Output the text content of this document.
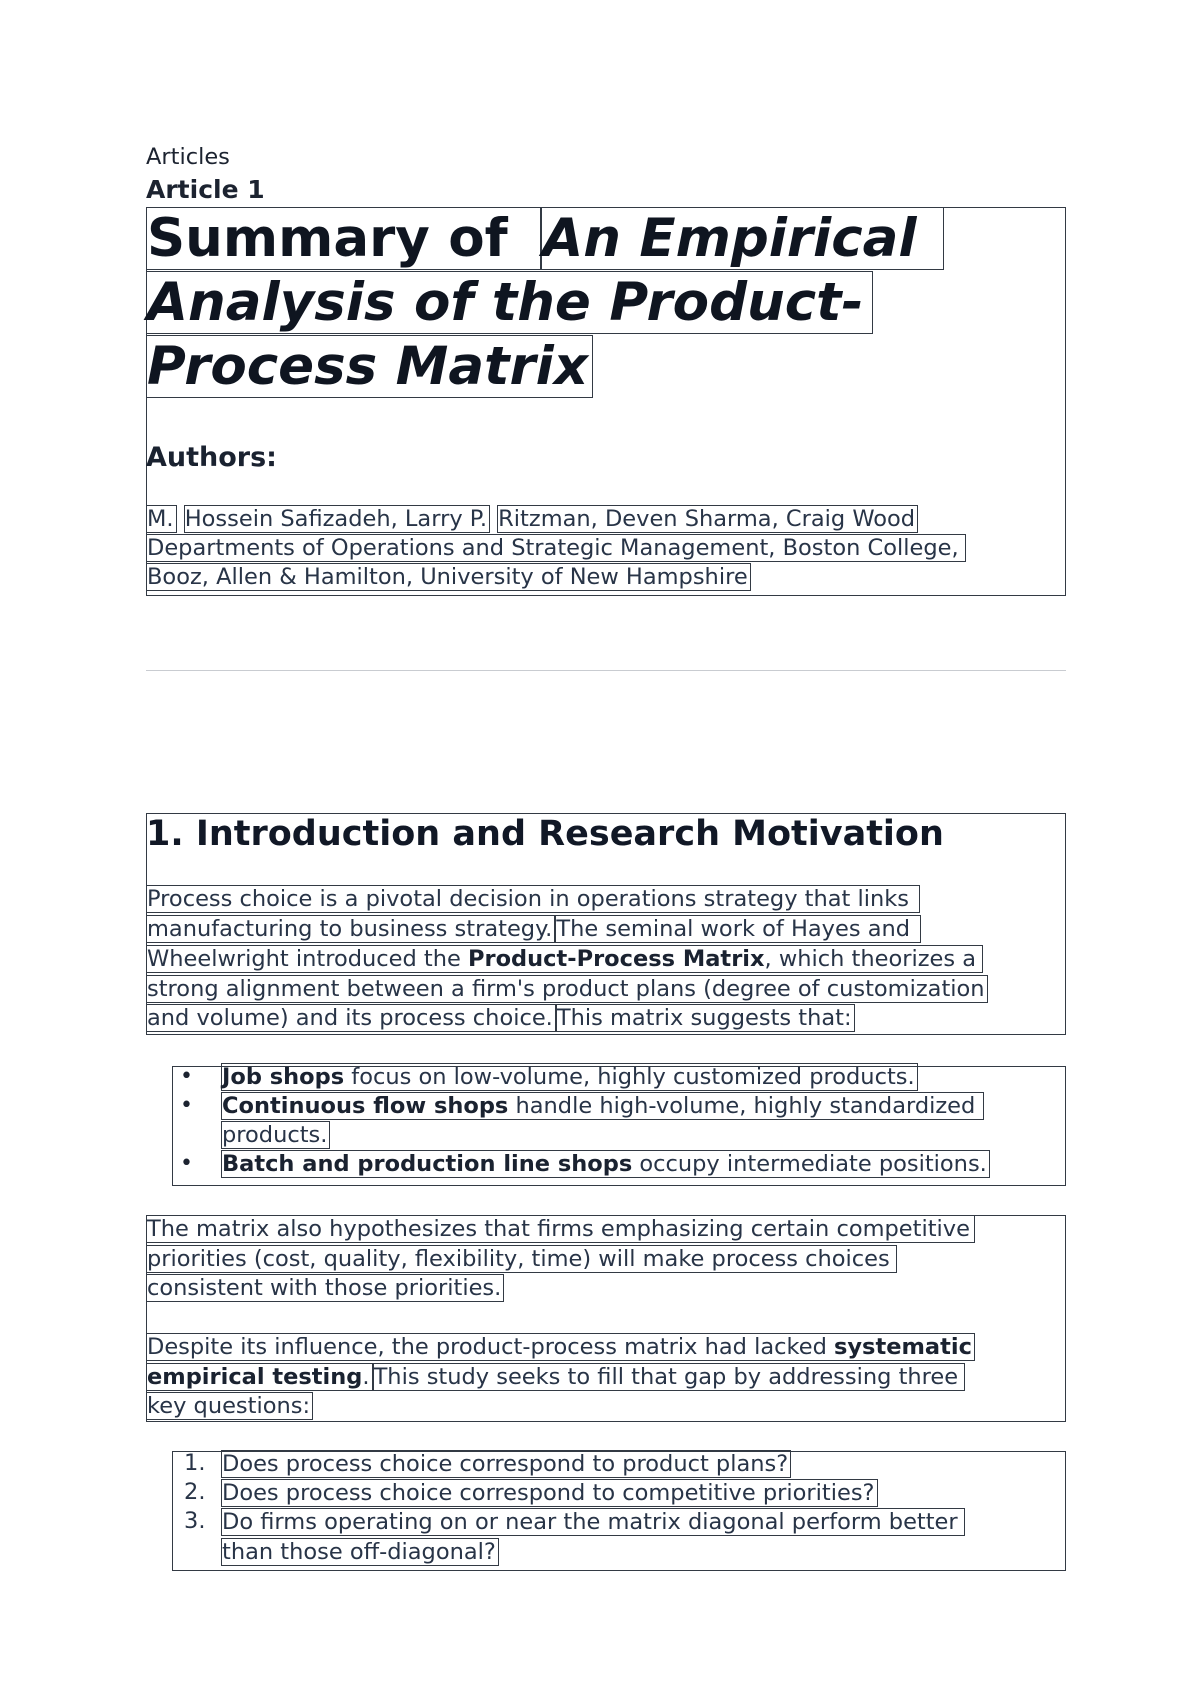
Articles
Article 1
Summary of An Empirical
Analysis of the Product-
Process Matrix
Authors:
M. Hossein Safizadeh, Larry P. Ritzman, Deven Sharma, Craig Wood
Departments of Operations and Strategic Management, Boston College,
Booz, Allen & Hamilton, University of New Hampshire
1. Introduction and Research Motivation
Process choice is a pivotal decision in operations strategy that links
manufacturing to business strategy. The seminal work of Hayes and
Wheelwright introduced the Product-Process Matrix, which theorizes a
strong alignment between a firm's product plans (degree of customization
and volume) and its process choice. This matrix suggests that:
• Job shops focus on low-volume, highly customized products.
• Continuous flow shops handle high-volume, highly standardized
products.
• Batch and production line shops occupy intermediate positions.
The matrix also hypothesizes that firms emphasizing certain competitive
priorities (cost, quality, flexibility, time) will make process choices
consistent with those priorities.
Despite its influence, the product-process matrix had lacked systematic
empirical testing. This study seeks to fill that gap by addressing three
key questions:
1. Does process choice correspond to product plans?
2. Does process choice correspond to competitive priorities?
3. Do firms operating on or near the matrix diagonal perform better
than those off-diagonal?
